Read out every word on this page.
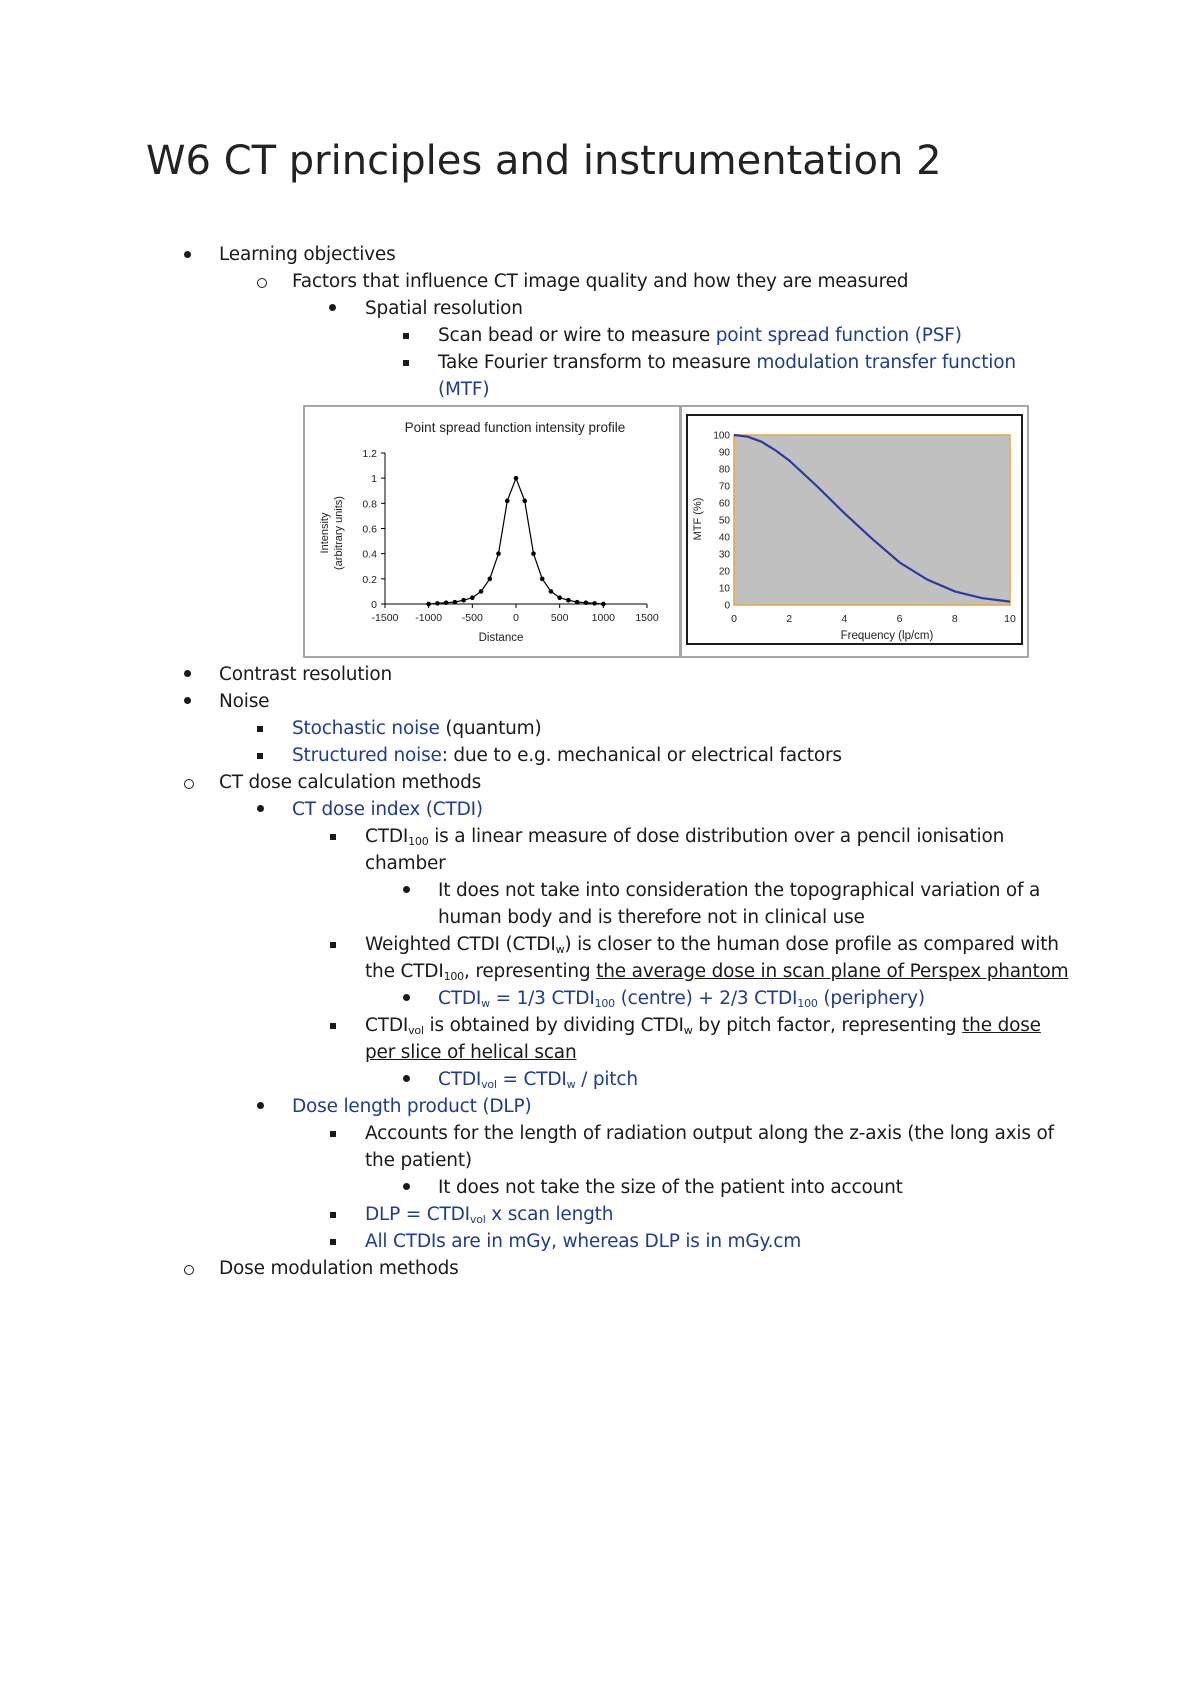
W6 CT principles and instrumentation 2
Learning objectives
Factors that influence CT image quality and how they are measured
Spatial resolution
Scan bead or wire to measure point spread function (PSF)
Take Fourier transform to measure modulation transfer function
(MTF)
Point spread function intensity profile
0
0.2
0.4
0.6
0.8
1
1.2
-1500 -1000 -500	0	500 1000 1500
Distance
Intensity (arbitrary units)
0
10
20
30
40
50
60
70
80
90
100
0	2	4	6	8	10
Frequency (lp/cm)
MTF (%)
Contrast resolution
Noise
Stochastic noise (quantum)
Structured noise: due to e.g. mechanical or electrical factors
CT dose calculation methods
CT dose index (CTDI)
$CTDI_{100}$ is a linear measure of dose distribution over a pencil ionisation
chamber
It does not take into consideration the topographical variation of a
human body and is therefore not in clinical use
Weighted CTDI $(CTDI_w)$ is closer to the human dose profile as compared with
the $CTDI_{100}$, representing the average dose in scan plane of Perspex phantom
$CTDI_w = 1/3$ $CTDI_{100}$ (centre) + 2/3 $CTDI_{100}$ (periphery)
$CTDI_{vol}$ is obtained by dividing $CTDI_w$ by pitch factor, representing the dose
per slice of helical scan
$CTDI_{vol}$ = $CTDI_w$ / pitch
Dose length product (DLP)
Accounts for the length of radiation output along the z-axis (the long axis of
the patient)
It does not take the size of the patient into account
DLP = $CTDI_{vol}$ x scan length
All CTDIs are in mGy, whereas DLP is in mGy.cm
Dose modulation methods
